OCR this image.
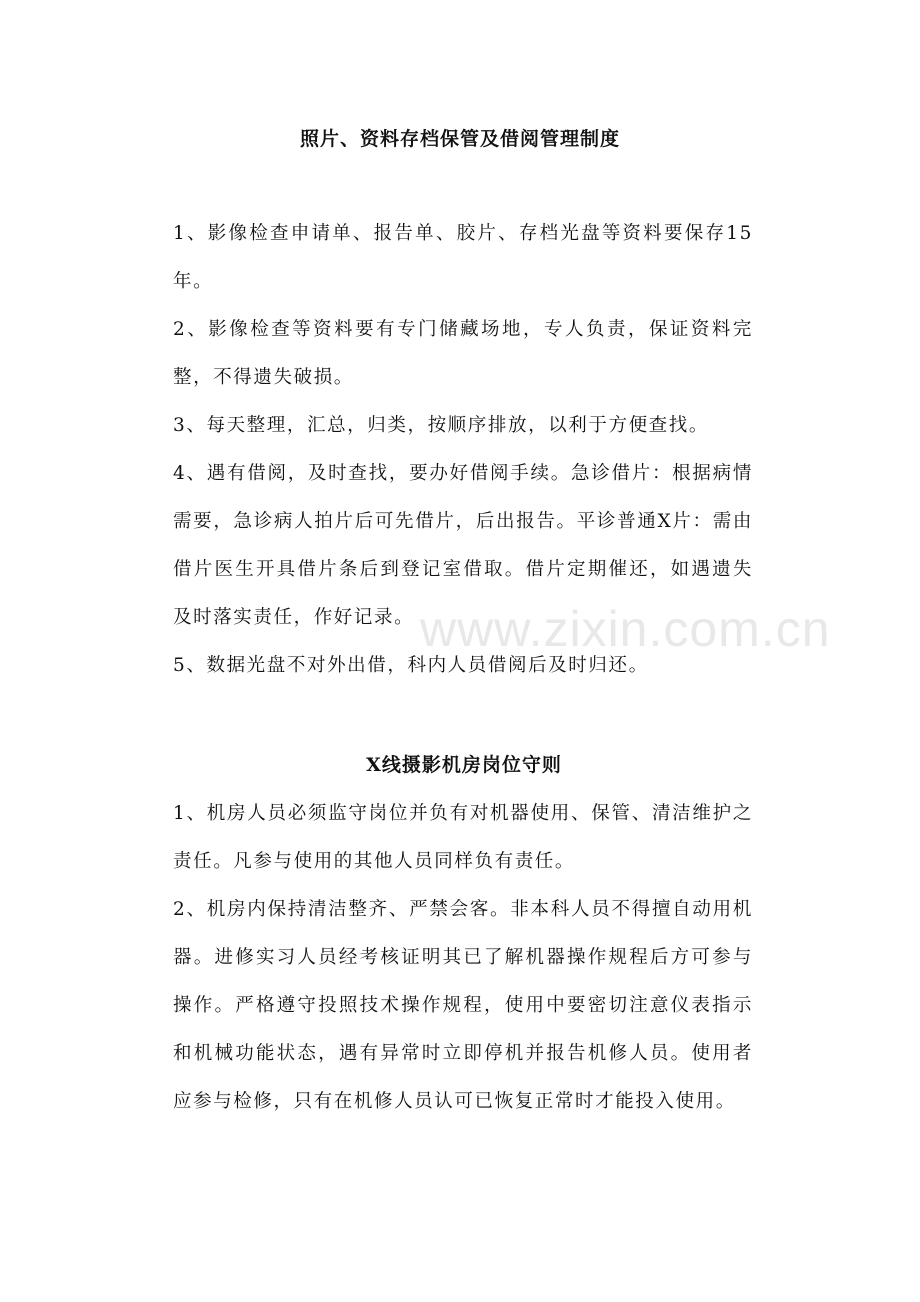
照片、资料存档保管及借阅管理制度

1、影像检查申请单、报告单、胶片、存档光盘等资料要保存15年。

2、影像检查等资料要有专门储藏场地，专人负责，保证资料完整，不得遗失破损。

3、每天整理，汇总，归类，按顺序排放，以利于方便查找。

4、遇有借阅，及时查找，要办好借阅手续。急诊借片：根据病情需要，急诊病人拍片后可先借片，后出报告。平诊普通X片：需由借片医生开具借片条后到登记室借取。借片定期催还，如遇遗失及时落实责任，作好记录。

5、数据光盘不对外出借，科内人员借阅后及时归还。

X线摄影机房岗位守则

1、机房人员必须监守岗位并负有对机器使用、保管、清洁维护之责任。凡参与使用的其他人员同样负有责任。

2、机房内保持清洁整齐、严禁会客。非本科人员不得擅自动用机器。进修实习人员经考核证明其已了解机器操作规程后方可参与操作。严格遵守投照技术操作规程，使用中要密切注意仪表指示和机械功能状态，遇有异常时立即停机并报告机修人员。使用者应参与检修，只有在机修人员认可已恢复正常时才能投入使用。

www.zixin.com.cn
